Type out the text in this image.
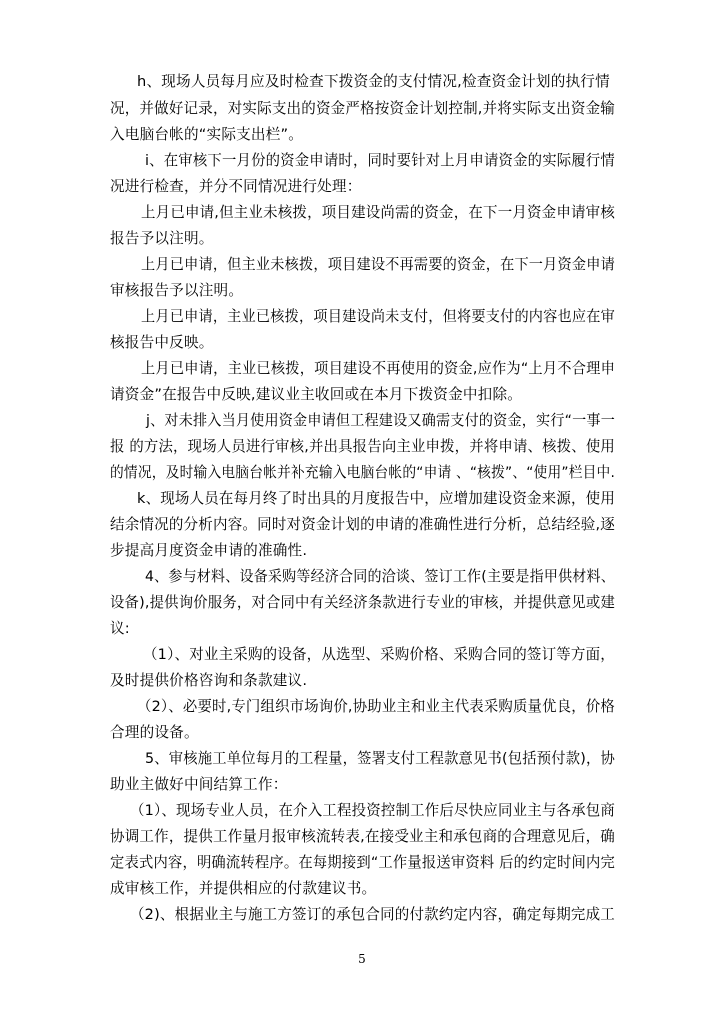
h、现场人员每月应及时检查下拨资金的支付情况,检查资金计划的执行情
况，并做好记录，对实际支出的资金严格按资金计划控制,并将实际支出资金输
入电脑台帐的“实际支出栏”。
i、在审核下一月份的资金申请时，同时要针对上月申请资金的实际履行情
况进行检查，并分不同情况进行处理：
上月已申请,但主业未核拨，项目建设尚需的资金，在下一月资金申请审核
报告予以注明。
上月已申请，但主业未核拨，项目建设不再需要的资金，在下一月资金申请
审核报告予以注明。
上月已申请，主业已核拨，项目建设尚未支付，但将要支付的内容也应在审
核报告中反映。
上月已申请，主业已核拨，项目建设不再使用的资金,应作为“上月不合理申
请资金”在报告中反映,建议业主收回或在本月下拨资金中扣除。
j、对未排入当月使用资金申请但工程建设又确需支付的资金，实行“一事一
报 的方法，现场人员进行审核,并出具报告向主业申拨，并将申请、核拨、使用
的情况，及时输入电脑台帐并补充输入电脑台帐的“申请 、“核拨”、“使用”栏目中.
k、现场人员在每月终了时出具的月度报告中，应增加建设资金来源，使用
结余情况的分析内容。同时对资金计划的申请的准确性进行分析，总结经验,逐
步提高月度资金申请的准确性.
4、参与材料、设备采购等经济合同的洽谈、签订工作(主要是指甲供材料、
设备),提供询价服务，对合同中有关经济条款进行专业的审核，并提供意见或建
议:
（1）、对业主采购的设备，从选型、采购价格、采购合同的签订等方面，
及时提供价格咨询和条款建议.
（2）、必要时,专门组织市场询价,协助业主和业主代表采购质量优良，价格
合理的设备。
5、审核施工单位每月的工程量，签署支付工程款意见书(包括预付款)，协
助业主做好中间结算工作：
（1）、现场专业人员，在介入工程投资控制工作后尽快应同业主与各承包商
协调工作，提供工作量月报审核流转表,在接受业主和承包商的合理意见后，确
定表式内容，明确流转程序。在每期接到“工作量报送审资料 后的约定时间内完
成审核工作，并提供相应的付款建议书。
（2)、根据业主与施工方签订的承包合同的付款约定内容，确定每期完成工
5
